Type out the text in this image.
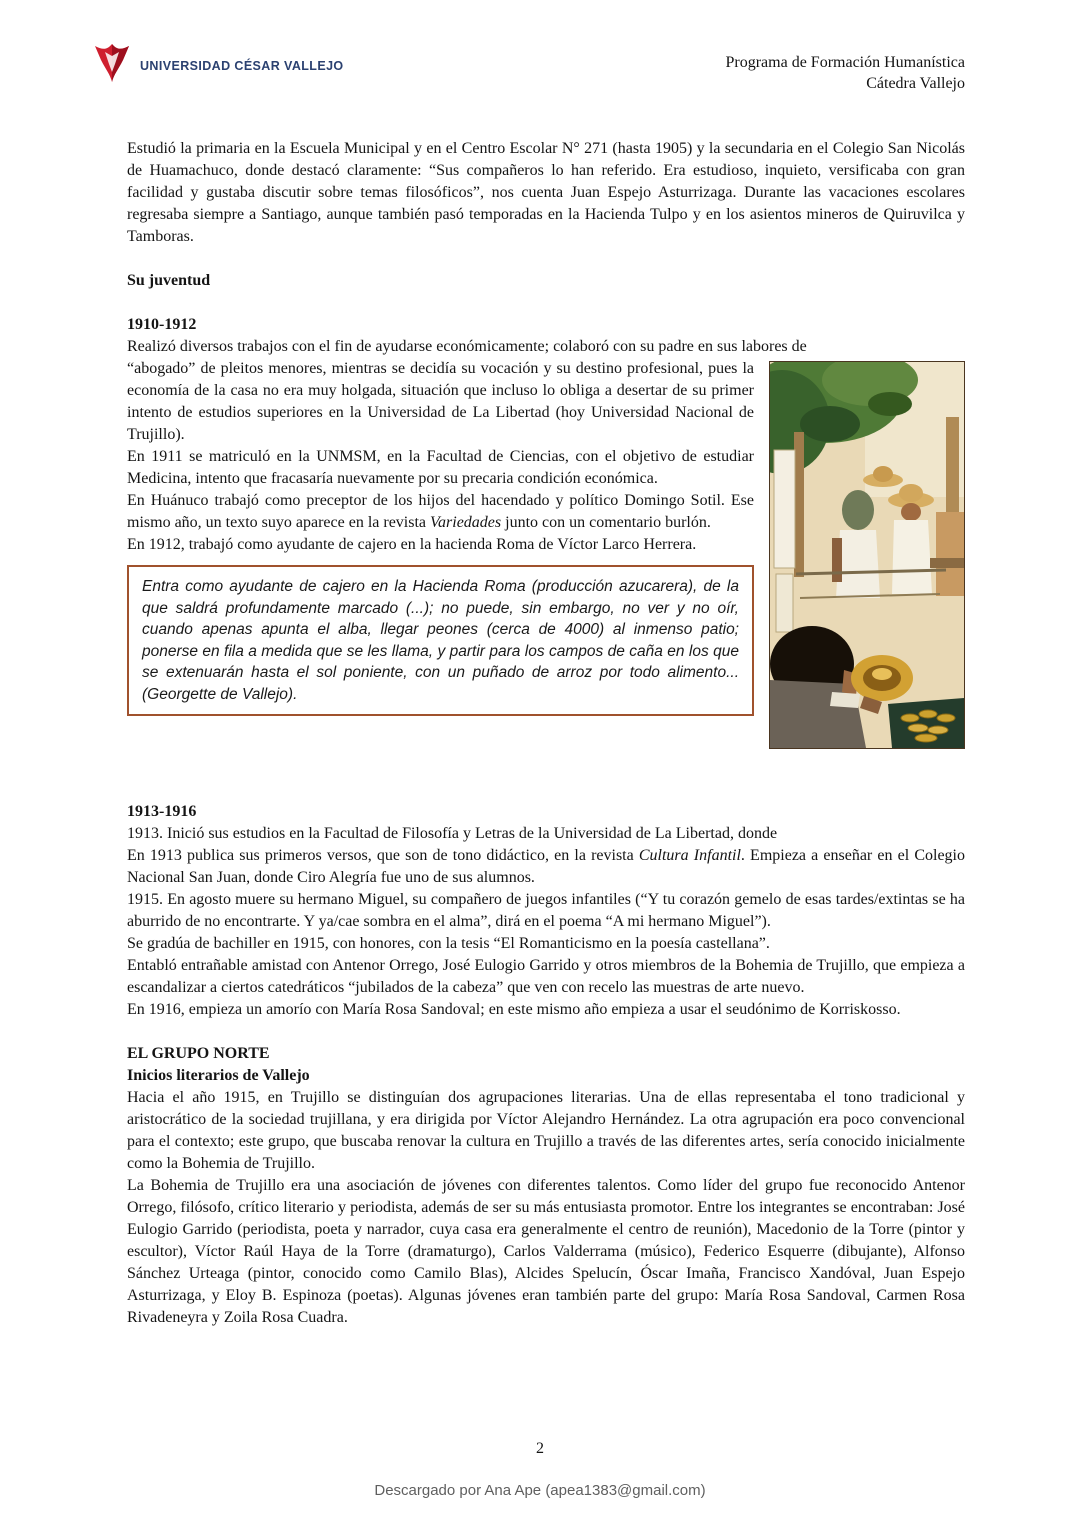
UNIVERSIDAD CÉSAR VALLEJO	Programa de Formación Humanística
Cátedra Vallejo

Estudió la primaria en la Escuela Municipal y en el Centro Escolar N° 271 (hasta 1905) y la secundaria en el Colegio San Nicolás de Huamachuco, donde destacó claramente: “Sus compañeros lo han referido. Era estudioso, inquieto, versificaba con gran facilidad y gustaba discutir sobre temas filosóficos”, nos cuenta Juan Espejo Asturrizaga. Durante las vacaciones escolares regresaba siempre a Santiago, aunque también pasó temporadas en la Hacienda Tulpo y en los asientos mineros de Quiruvilca y Tamboras.

Su juventud

1910-1912

Realizó diversos trabajos con el fin de ayudarse económicamente; colaboró con su padre en sus labores de

“abogado” de pleitos menores, mientras se decidía su vocación y su destino profesional, pues la economía de la casa no era muy holgada, situación que incluso lo obliga a desertar de su primer intento de estudios superiores en la Universidad de La Libertad (hoy Universidad Nacional de Trujillo).

En 1911 se matriculó en la UNMSM, en la Facultad de Ciencias, con el objetivo de estudiar Medicina, intento que fracasaría nuevamente por su precaria condición económica.

En Huánuco trabajó como preceptor de los hijos del hacendado y político Domingo Sotil. Ese mismo año, un texto suyo aparece en la revista Variedades junto con un comentario burlón.

En 1912, trabajó como ayudante de cajero en la hacienda Roma de Víctor Larco Herrera.

Entra como ayudante de cajero en la Hacienda Roma (producción azucarera), de la que saldrá profundamente marcado (...); no puede, sin embargo, no ver y no oír, cuando apenas apunta el alba, llegar peones (cerca de 4000) al inmenso patio; ponerse en fila a medida que se les llama, y partir para los campos de caña en los que se extenuarán hasta el sol poniente, con un puñado de arroz por todo alimento... (Georgette de Vallejo).

1913-1916

1913. Inició sus estudios en la Facultad de Filosofía y Letras de la Universidad de La Libertad, donde

En 1913 publica sus primeros versos, que son de tono didáctico, en la revista Cultura Infantil. Empieza a enseñar en el Colegio Nacional San Juan, donde Ciro Alegría fue uno de sus alumnos.

1915. En agosto muere su hermano Miguel, su compañero de juegos infantiles (“Y tu corazón gemelo de esas tardes/extintas se ha aburrido de no encontrarte. Y ya/cae sombra en el alma”, dirá en el poema “A mi hermano Miguel”).

Se gradúa de bachiller en 1915, con honores, con la tesis “El Romanticismo en la poesía castellana”.

Entabló entrañable amistad con Antenor Orrego, José Eulogio Garrido y otros miembros de la Bohemia de Trujillo, que empieza a escandalizar a ciertos catedráticos “jubilados de la cabeza” que ven con recelo las muestras de arte nuevo.

En 1916, empieza un amorío con María Rosa Sandoval; en este mismo año empieza a usar el seudónimo de Korriskosso.

EL GRUPO NORTE

Inicios literarios de Vallejo

Hacia el año 1915, en Trujillo se distinguían dos agrupaciones literarias. Una de ellas representaba el tono tradicional y aristocrático de la sociedad trujillana, y era dirigida por Víctor Alejandro Hernández. La otra agrupación era poco convencional para el contexto; este grupo, que buscaba renovar la cultura en Trujillo a través de las diferentes artes, sería conocido inicialmente como la Bohemia de Trujillo.

La Bohemia de Trujillo era una asociación de jóvenes con diferentes talentos. Como líder del grupo fue reconocido Antenor Orrego, filósofo, crítico literario y periodista, además de ser su más entusiasta promotor. Entre los integrantes se encontraban: José Eulogio Garrido (periodista, poeta y narrador, cuya casa era generalmente el centro de reunión), Macedonio de la Torre (pintor y escultor), Víctor Raúl Haya de la Torre (dramaturgo), Carlos Valderrama (músico), Federico Esquerre (dibujante), Alfonso Sánchez Urteaga (pintor, conocido como Camilo Blas), Alcides Spelucín, Óscar Imaña, Francisco Xandóval, Juan Espejo Asturrizaga, y Eloy B. Espinoza (poetas). Algunas jóvenes eran también parte del grupo: María Rosa Sandoval, Carmen Rosa Rivadeneyra y Zoila Rosa Cuadra.

2
Descargado por Ana Ape (apea1383@gmail.com)
